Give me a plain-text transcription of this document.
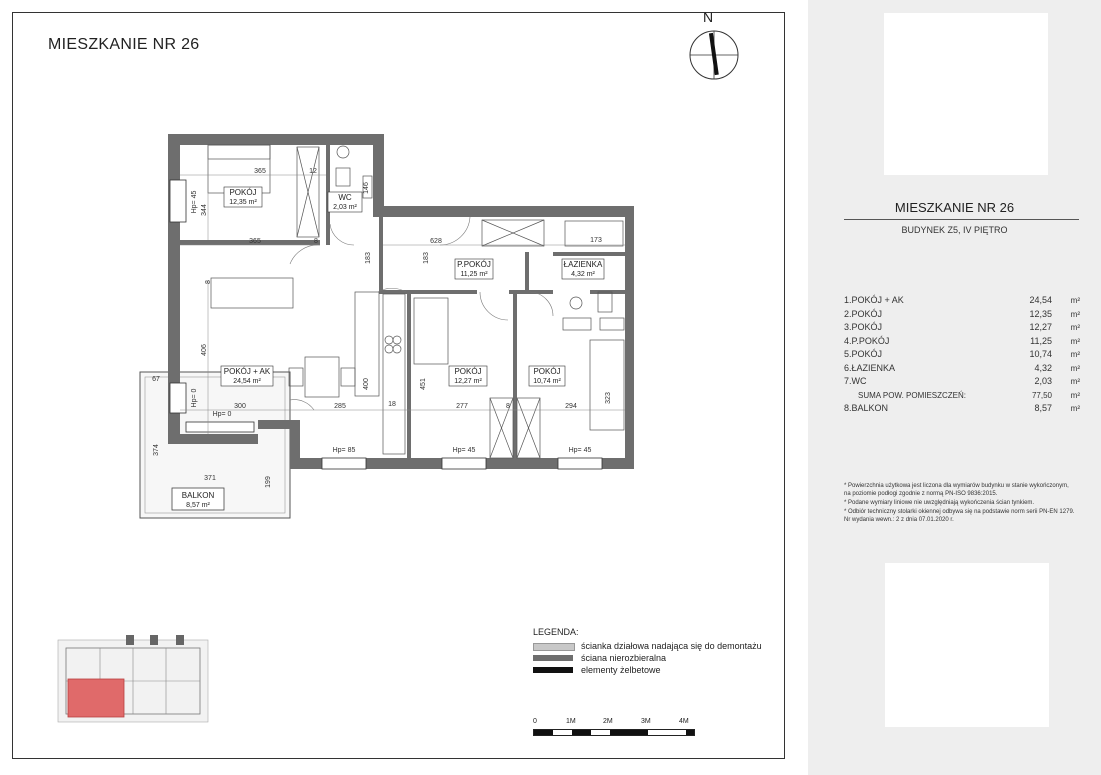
MIESZKANIE NR 26
N
POKÓJ
12,35 m²
WC
2,03 m²
P.POKÓJ
11,25 m²
ŁAZIENKA
4,32 m²
POKÓJ + AK
24,54 m²
POKÓJ
12,27 m²
POKÓJ
10,74 m²
BALKON
8,57 m²
365	12
365	8
183
628
183
173
344
406
400	451
8
300	285	277	8	294
323
18
374
371	199
67
146
Hp= 45
Hp= 0
Hp= 0
Hp= 85	Hp= 45	Hp= 45
LEGENDA:
ścianka działowa nadająca się do demontażu
ściana nierozbieralna
elementy żelbetowe
0	1M	2M	3M	4M
MIESZKANIE NR 26
BUDYNEK Z5, IV PIĘTRO
1.POKÓJ + AK	24,54 m²
2.POKÓJ	12,35 m²
3.POKÓJ	12,27 m²
4.P.POKÓJ	11,25 m²
5.POKÓJ	10,74 m²
6.ŁAZIENKA	4,32 m²
7.WC	2,03 m²
SUMA POW. POMIESZCZEŃ:	77,50 m²
8.BALKON	8,57 m²

* Powierzchnia użytkowa jest liczona dla wymiarów budynku w stanie wykończonym, na poziomie podłogi zgodnie z normą PN-ISO 9836:2015.

* Podane wymiary liniowe nie uwzględniają wykończenia ścian tynkiem.

* Odbiór techniczny stolarki okiennej odbywa się na podstawie norm serii PN-EN 1279. Nr wydania wewn.: 2 z dnia 07.01.2020 r.
